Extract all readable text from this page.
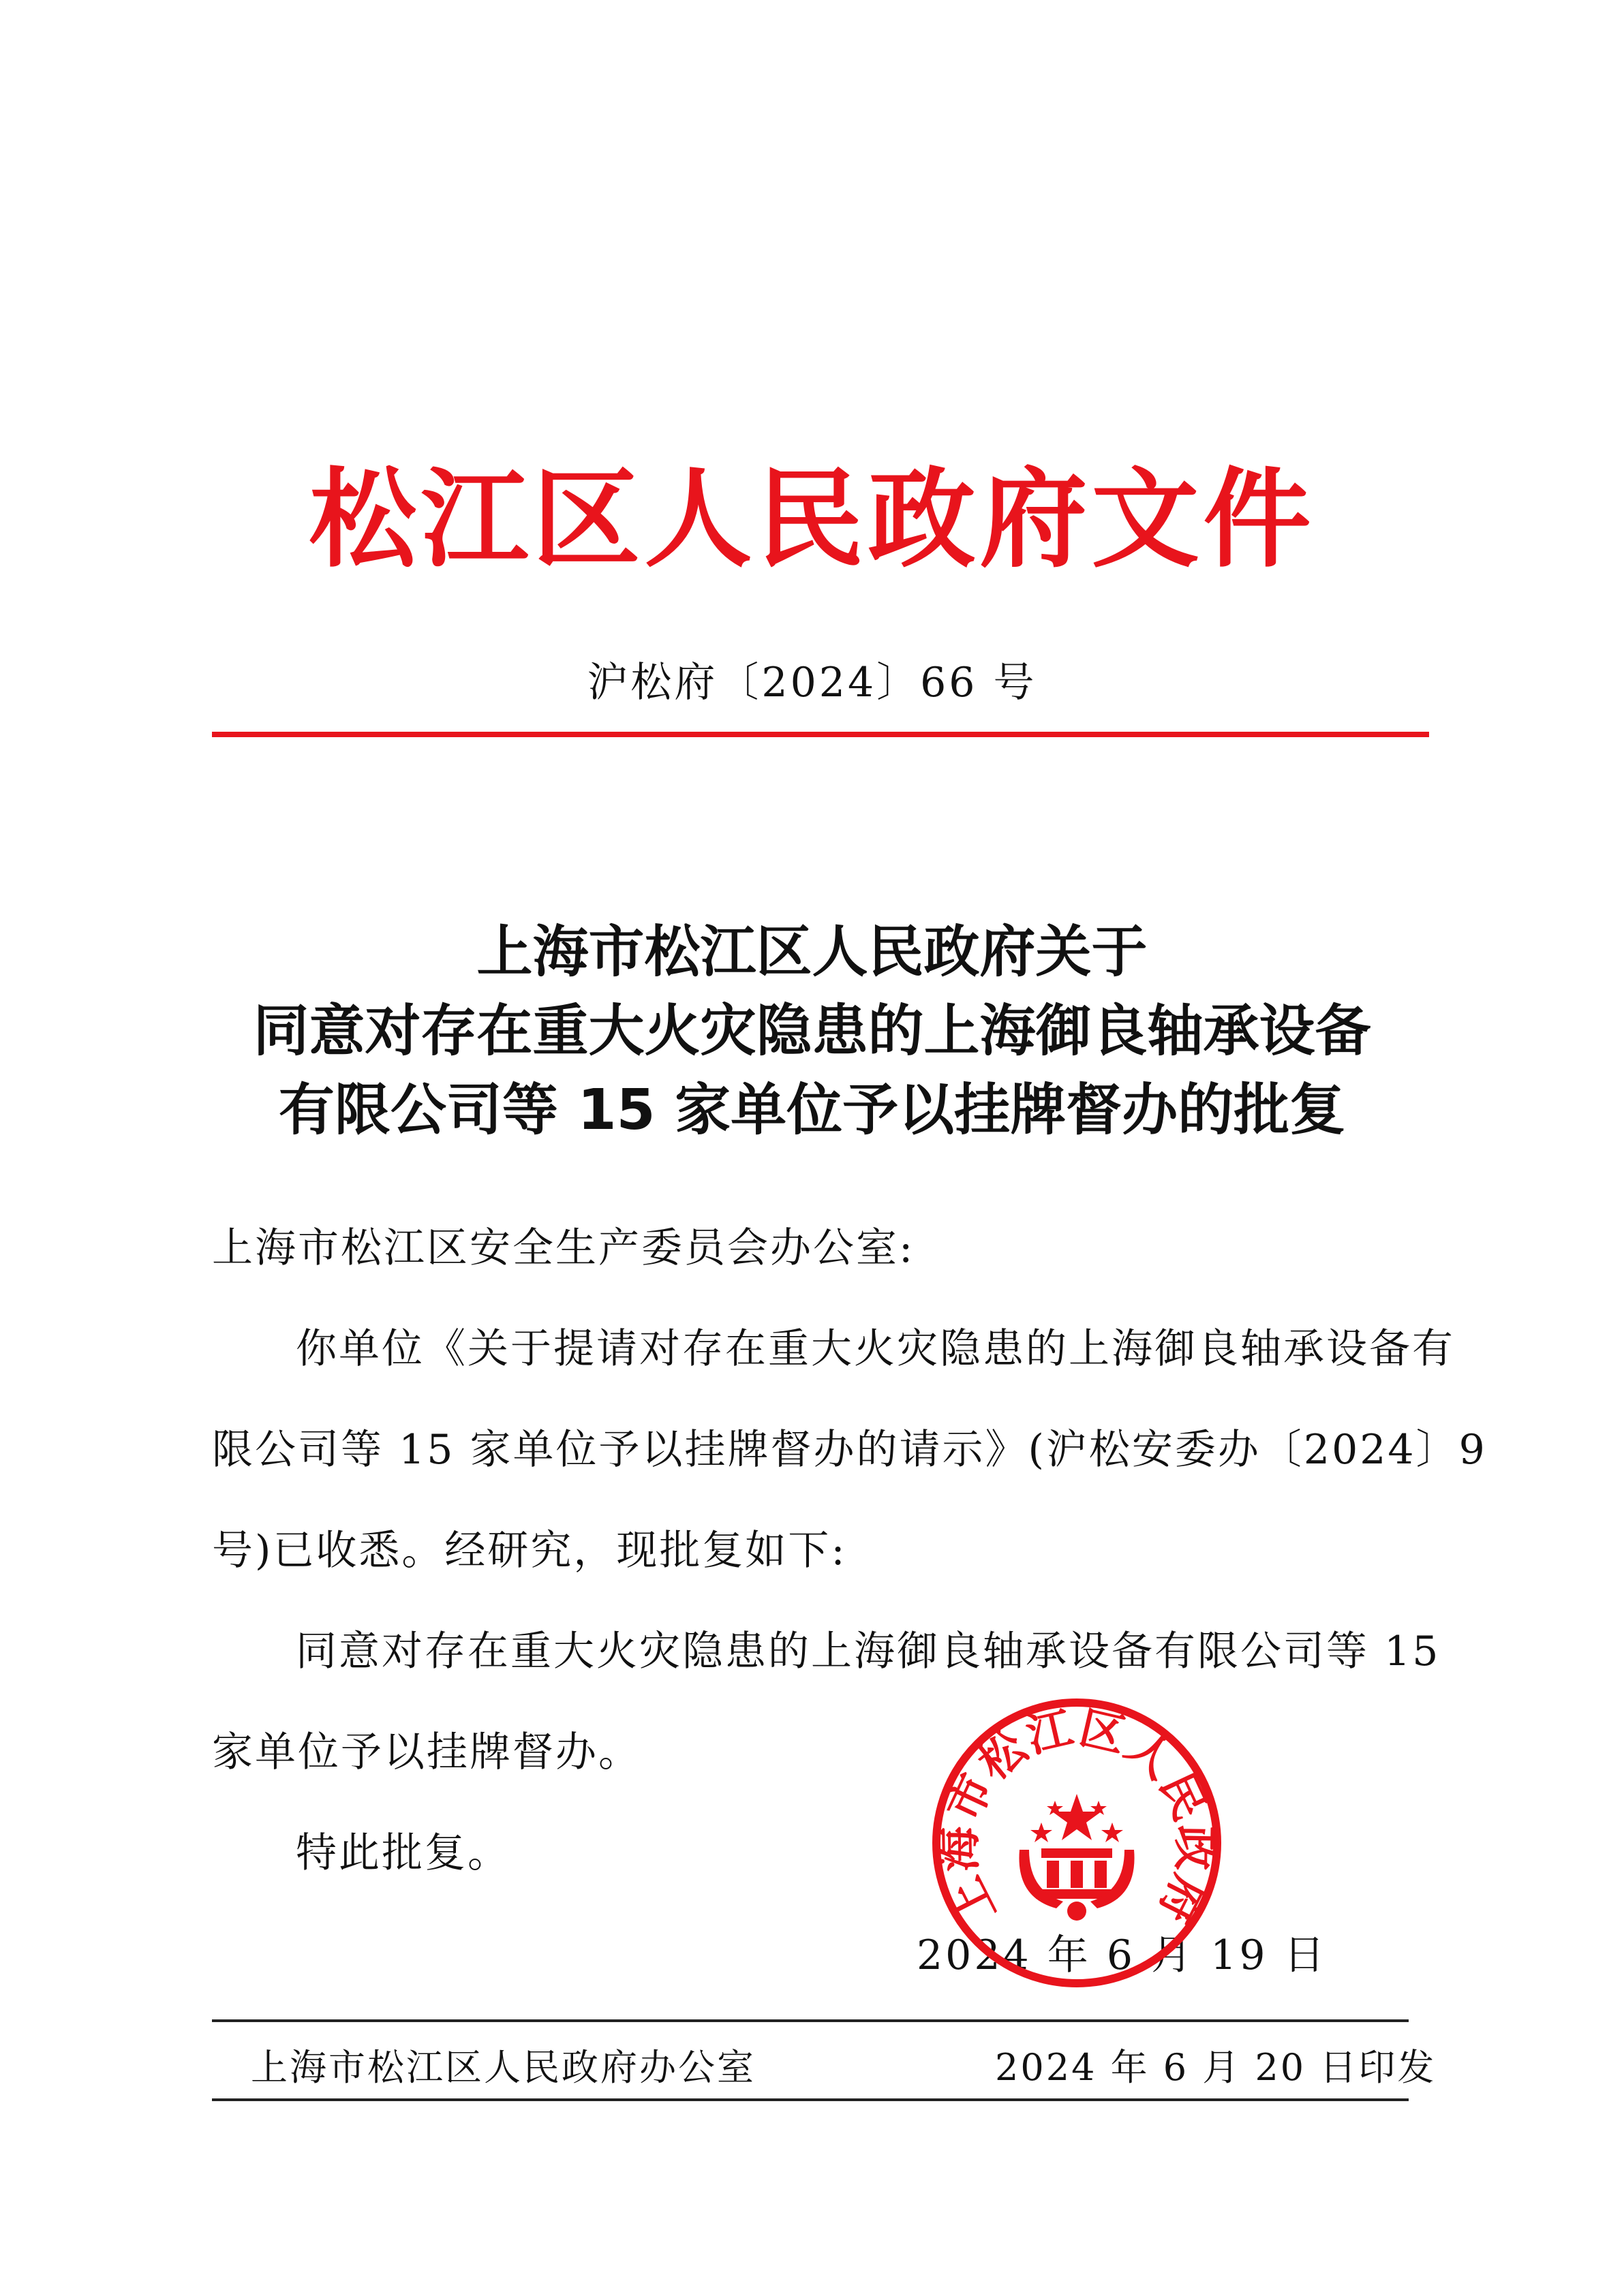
松江区人民政府文件
沪松府〔2024〕66 号
上海市松江区人民政府关于
同意对存在重大火灾隐患的上海御良轴承设备
有限公司等 15 家单位予以挂牌督办的批复
上海市松江区安全生产委员会办公室:
你单位《关于提请对存在重大火灾隐患的上海御良轴承设备有
限公司等 15 家单位予以挂牌督办的请示》(沪松安委办〔2024〕9
号)已收悉。经研究，现批复如下:
同意对存在重大火灾隐患的上海御良轴承设备有限公司等 15
家单位予以挂牌督办。
特此批复。
2024 年 6 月 19 日
上海市松江区人民政府
上海市松江区人民政府办公室	2024 年 6 月 20 日印发
